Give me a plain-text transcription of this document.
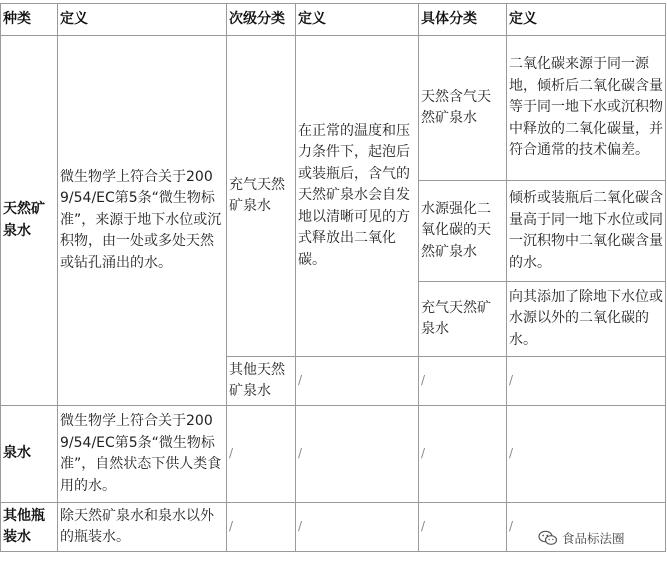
种类	定义	次级分类	定义	具体分类	定义
天然矿泉水	微生物学上符合关于2009/54/EC第5条“微生物标准”，来源于地下水位或沉积物，由一处或多处天然或钻孔涌出的水。	充气天然矿泉水	在正常的温度和压力条件下，起泡后或装瓶后，含气的天然矿泉水会自发地以清晰可见的方式释放出二氧化碳。	天然含气天然矿泉水	二氧化碳来源于同一源地，倾析后二氧化碳含量等于同一地下水或沉积物中释放的二氧化碳量，并符合通常的技术偏差。
				水源强化二氧化碳的天然矿泉水	倾析或装瓶后二氧化碳含量高于同一地下水位或同一沉积物中二氧化碳含量的水。
				充气天然矿泉水	向其添加了除地下水位或水源以外的二氧化碳的水。
		其他天然矿泉水	/	/	/
泉水	微生物学上符合关于2009/54/EC第5条“微生物标准”，自然状态下供人类食用的水。	/	/	/	/
其他瓶装水	除天然矿泉水和泉水以外的瓶装水。	/	/	/	/
食品标法圈
